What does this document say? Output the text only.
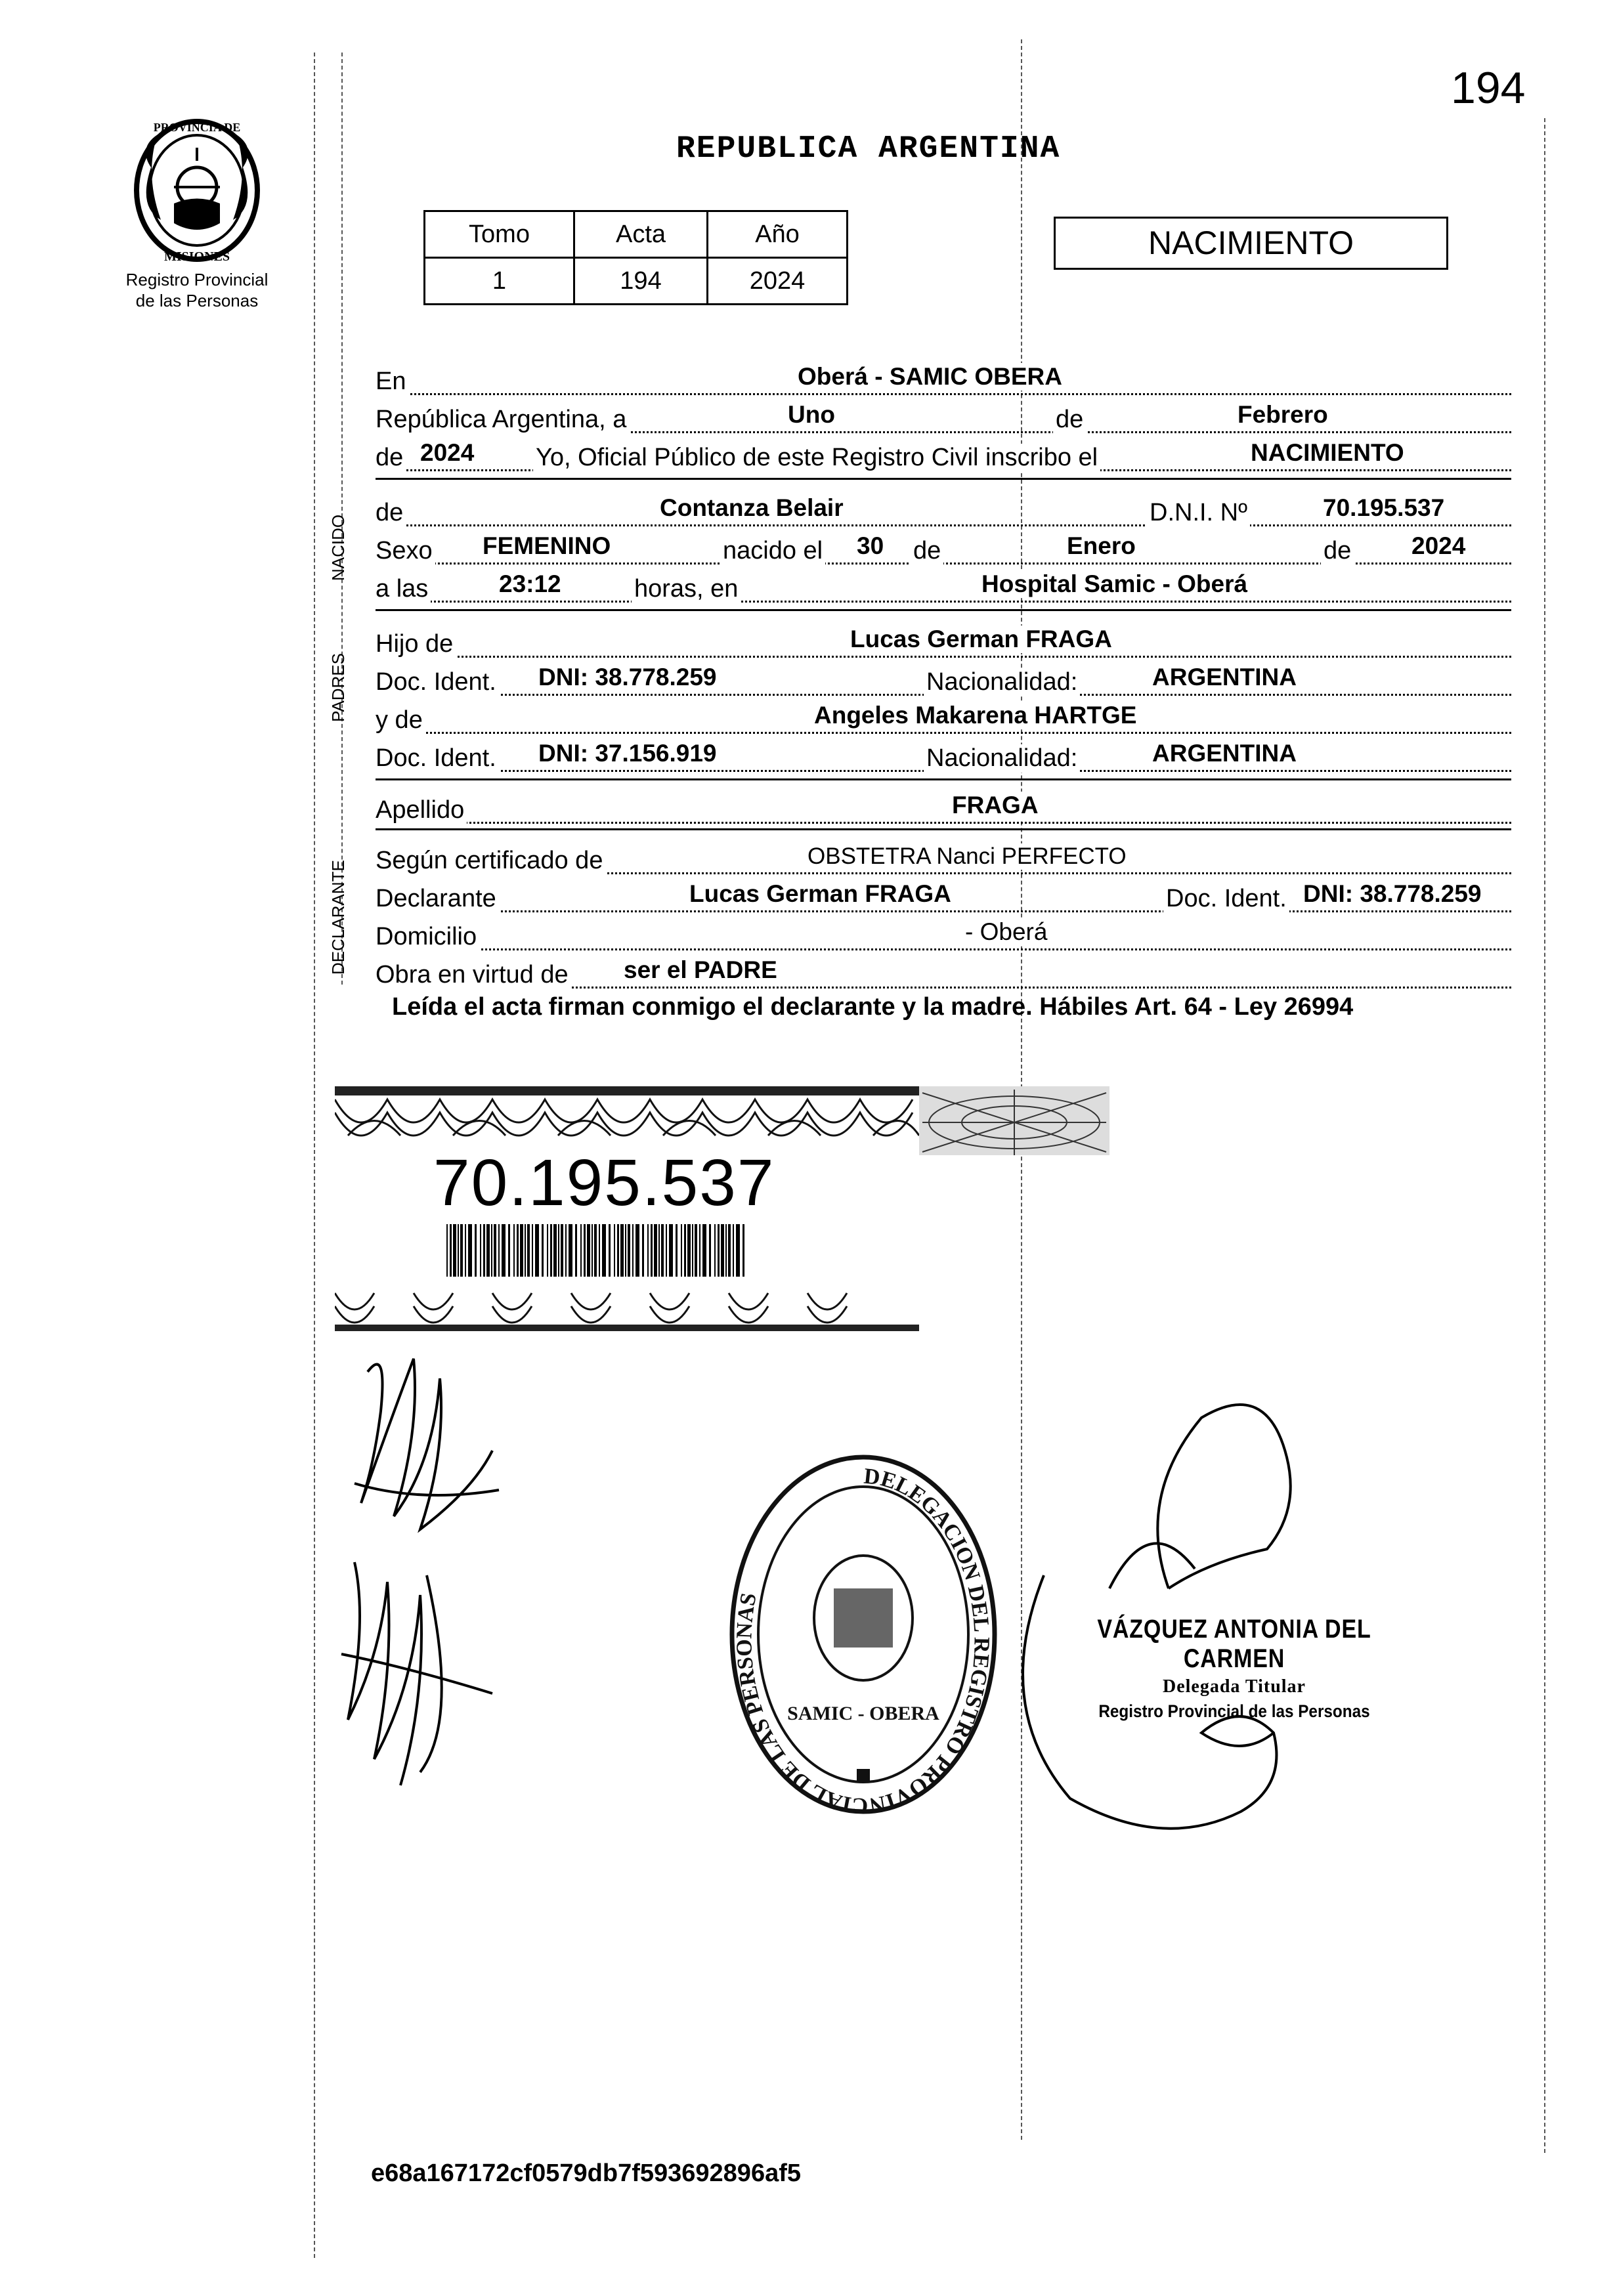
194
PROVINCIA DE
MISIONES
Registro Provincial
de las Personas
REPUBLICA ARGENTINA
Tomo	Acta	Año
1	194	2024
NACIMIENTO
En	Oberá - SAMIC OBERA
República Argentina, a	Uno	de	Febrero
de 2024 Yo, Oficial Público de este Registro Civil inscribo el	NACIMIENTO
NACIDO
de	Contanza Belair	D.N.I. Nº	70.195.537
Sexo FEMENINO	nacido el 30 de	Enero	de 2024
a las	23:12	horas, en	Hospital Samic - Oberá
PADRES
Hijo de	Lucas German FRAGA
Doc. Ident. DNI: 38.778.259	Nacionalidad:	ARGENTINA
y de	Angeles Makarena HARTGE
Doc. Ident. DNI: 37.156.919	Nacionalidad:	ARGENTINA
Apellido	FRAGA
DECLARANTE Según certificado de	OBSTETRA Nanci PERFECTO
Declarante	Lucas German FRAGA	Doc. Ident. DNI: 38.778.259
Domicilio	- Oberá
Obra en virtud de ser el PADRE
Leída el acta firman conmigo el declarante y la madre. Hábiles Art. 64 - Ley 26994
70.195.537
DELEGACION DEL REGISTRO PROVINCIAL DE LAS PERSONAS
SAMIC - OBERA
VÁZQUEZ ANTONIA DEL CARMEN
Delegada Titular
Registro Provincial de las Personas
e68a167172cf0579db7f593692896af5
